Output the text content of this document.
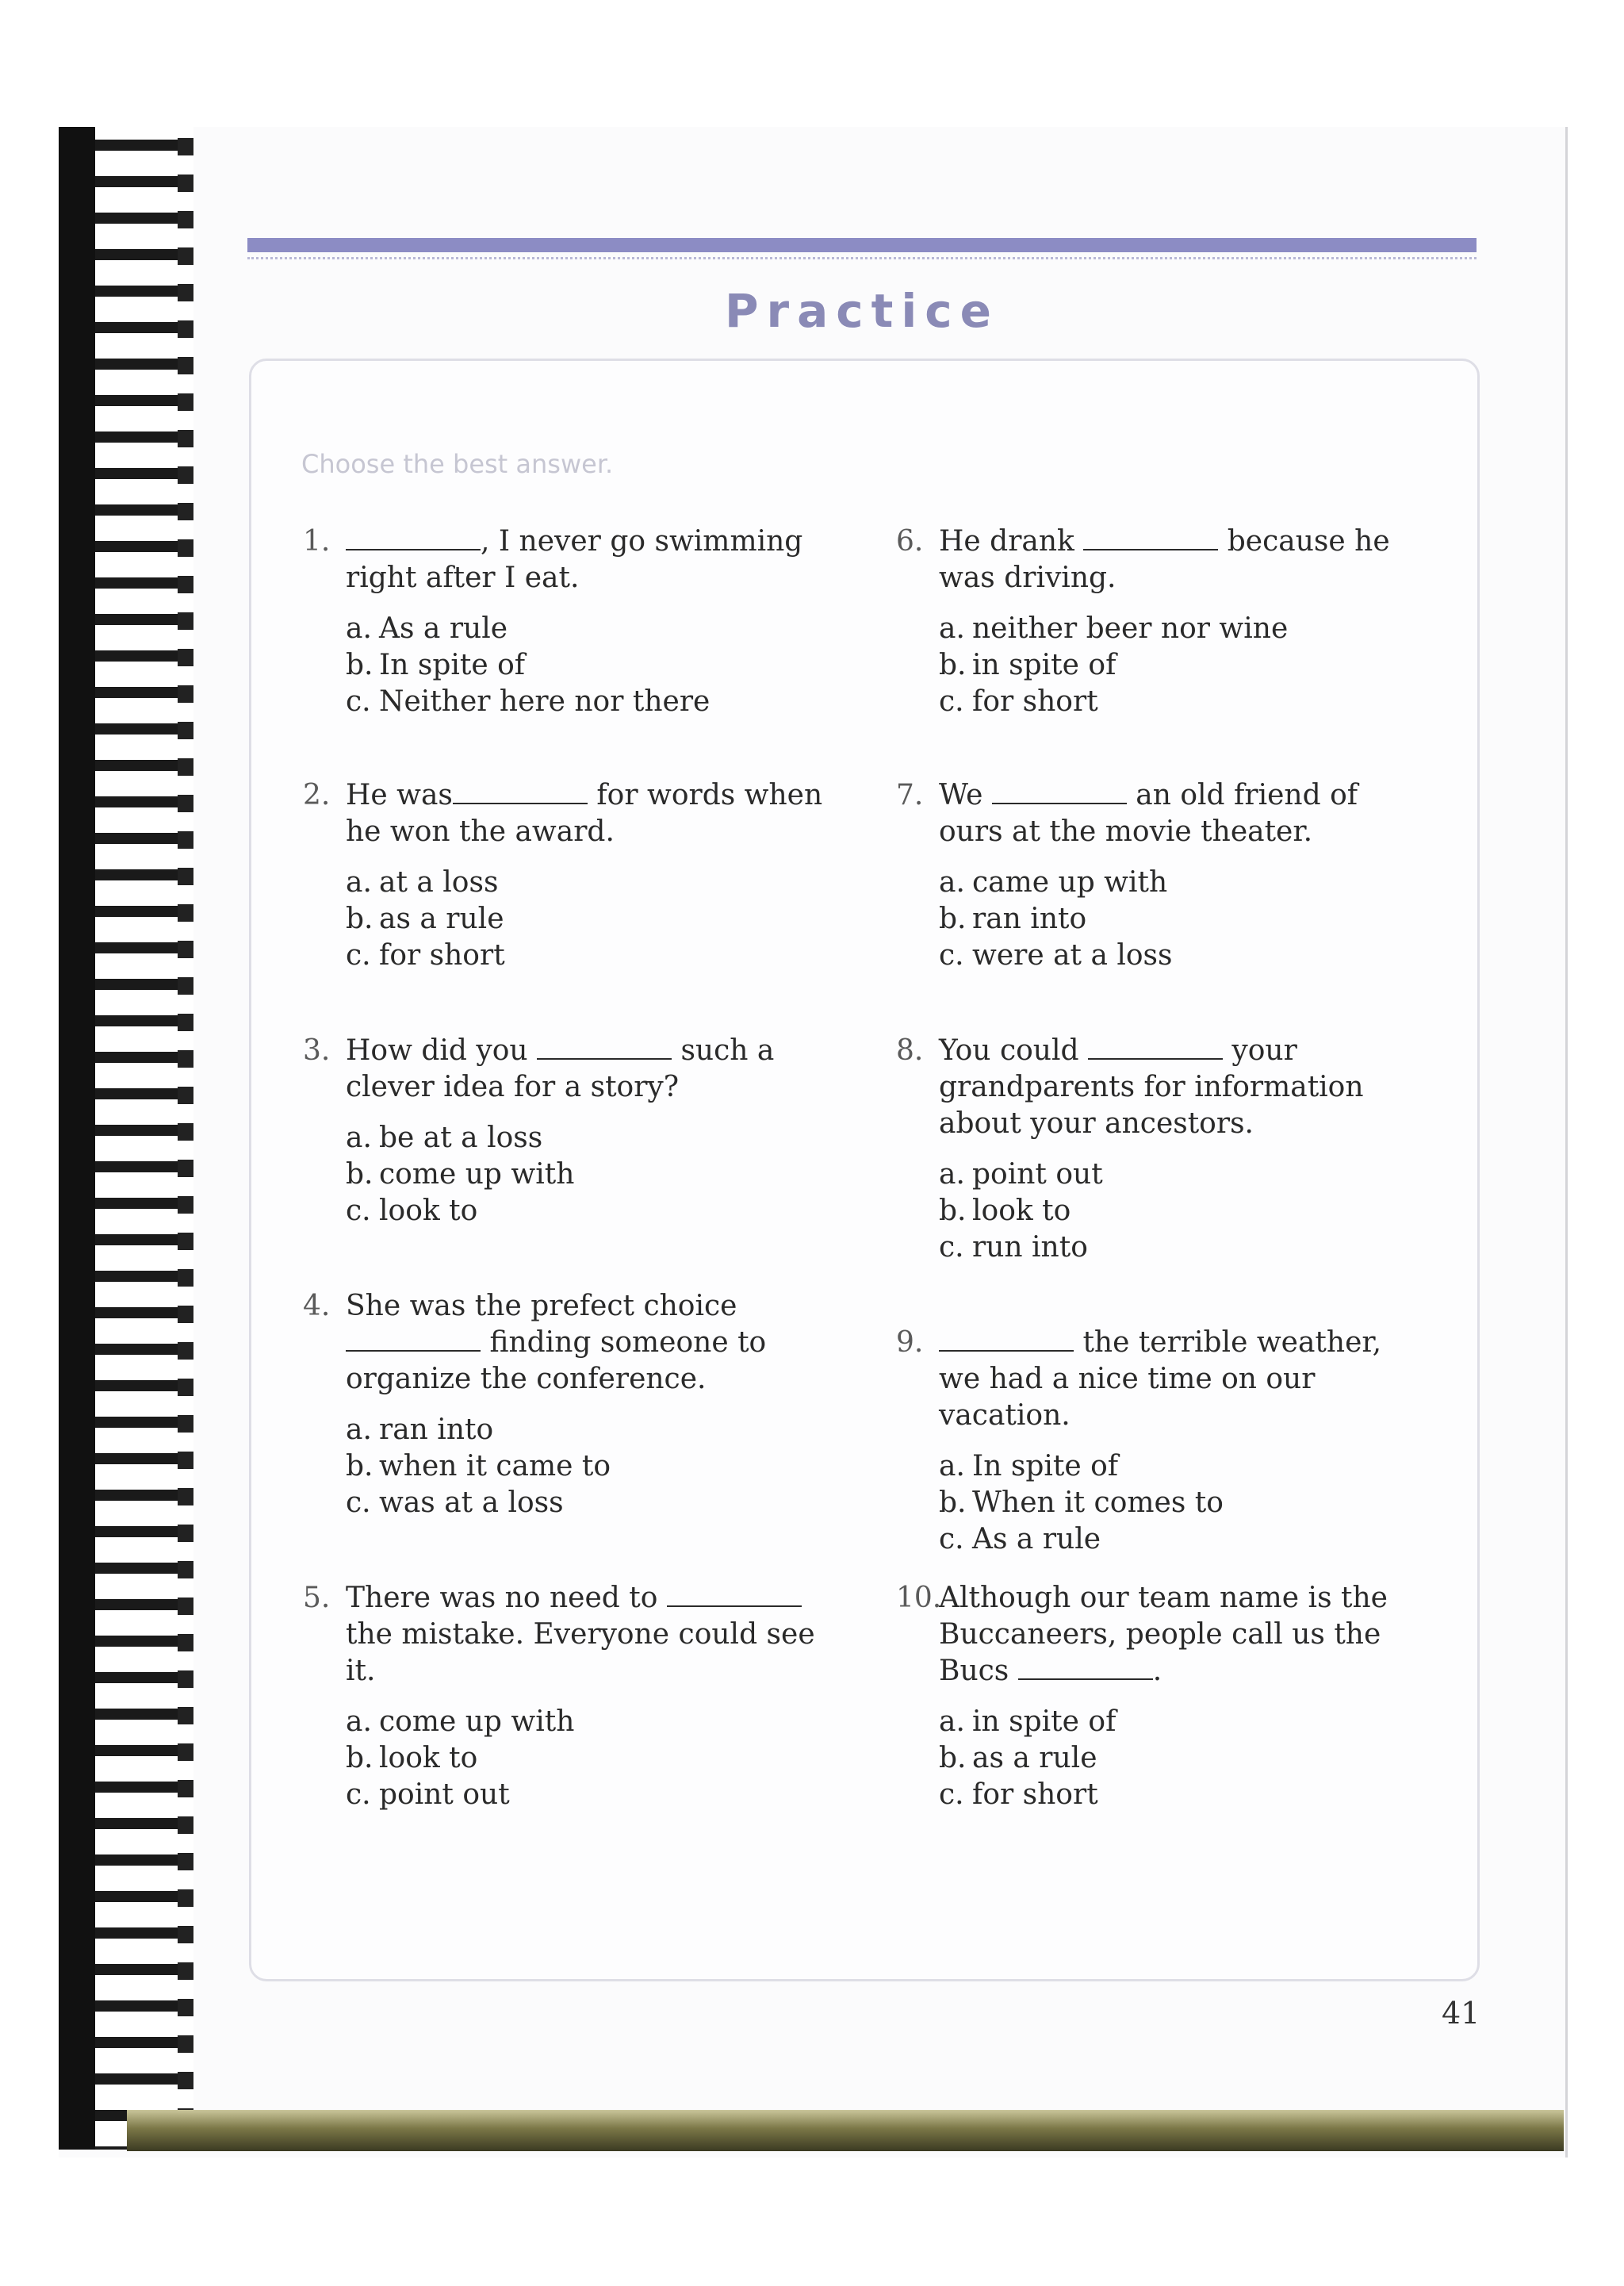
Practice
Choose the best answer.
1.	, I never go swimming right after I eat.
a. As a rule
b. In spite of
c. Neither here nor there
2. He was	for words when he won the award.
a. at a loss
b. as a rule
c. for short
3. How did you	such a clever idea for a story?
a. be at a loss
b. come up with
c. look to
4. She was the prefect choice  finding someone to organize the conference.
a. ran into
b. when it came to
c. was at a loss
5. There was no need to  the mistake. Everyone could see it.
a. come up with
b. look to
c. point out
6. He drank	because he was driving.
a. neither beer nor wine
b. in spite of
c. for short
7. We	an old friend of ours at the movie theater.
a. came up with
b. ran into
c. were at a loss
8. You could	your grandparents for information about your ancestors.
a. point out
b. look to
c. run into
9.	the terrible weather, we had a nice time on our vacation.
a. In spite of
b. When it comes to
c. As a rule
10.
Although our team name is the Buccaneers, people call us the Bucs	.
a. in spite of
b. as a rule
c. for short
41
